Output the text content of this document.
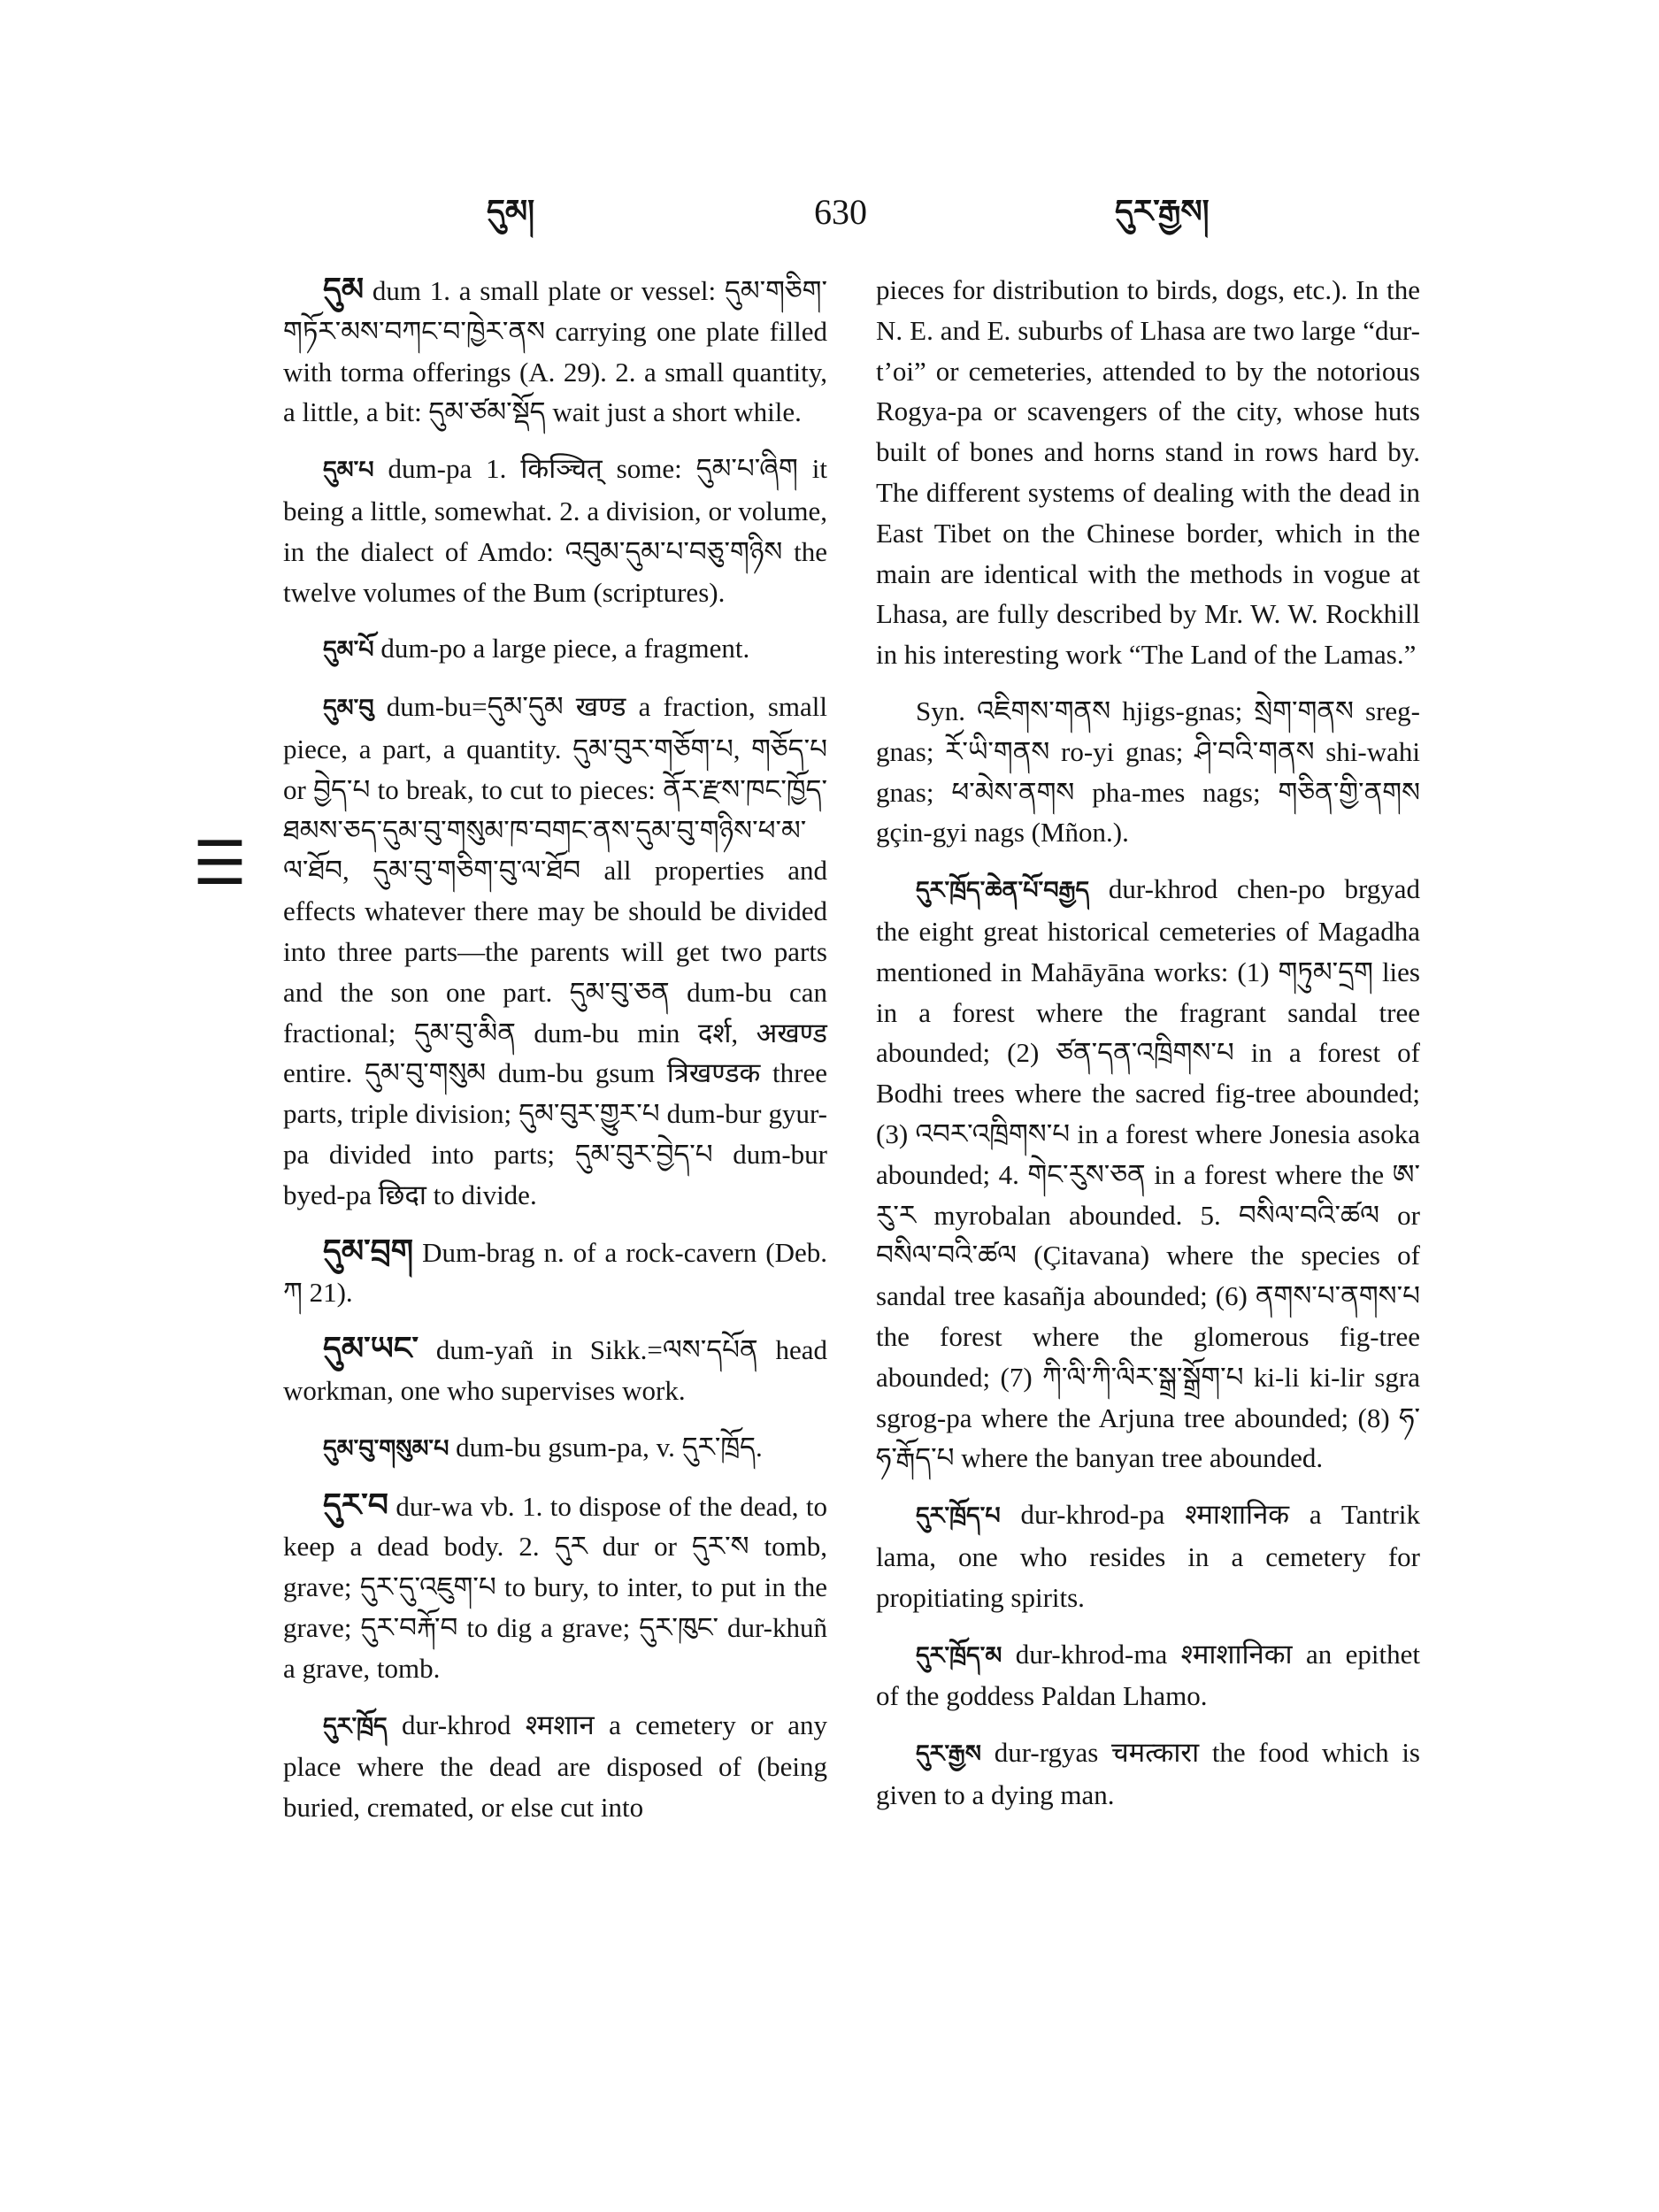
དུམ།	630	དུར་རྒྱས།
☰

དུམ dum 1. a small plate or vessel: དུམ་གཅིག་གཏོར་མས་བཀང་བ་ཁྱེར་ནས carrying one plate filled with torma offerings (A. 29). 2. a small quantity, a little, a bit: དུམ་ཙམ་སྡོད wait just a short while.

དུམ་པ dum-pa 1. किञ्चित् some: དུམ་པ་ཞིག it being a little, somewhat. 2. a division, or volume, in the dialect of Amdo: འབུམ་དུམ་པ་བཅུ་གཉིས the twelve volumes of the Bum (scriptures).

དུམ་པོ dum-po a large piece, a fragment.

དུམ་བུ dum-bu=དུམ་དུམ खण्ड a fraction, small piece, a part, a quantity. དུམ་བུར་གཅོག་པ, གཅོད་པ or བྱེད་པ to break, to cut to pieces: ནོར་རྫས་ཁང་ཁྱོད་ཐམས་ཅད་དུམ་བུ་གསུམ་ཁ་བགང་ནས་དུམ་བུ་གཉིས་ཕ་མ་ལ་ཐོབ, དུམ་བུ་གཅིག་བུ་ལ་ཐོབ all properties and effects whatever there may be should be divided into three parts—the parents will get two parts and the son one part. དུམ་བུ་ཅན dum-bu can fractional; དུམ་བུ་མིན dum-bu min दर्श, अखण्ड entire. དུམ་བུ་གསུམ dum-bu gsum त्रिखण्डक three parts, triple division; དུམ་བུར་གྱུར་པ dum-bur gyur-pa divided into parts; དུམ་བུར་བྱེད་པ dum-bur byed-pa छिदा to divide.

དུམ་བྲག Dum-brag n. of a rock-cavern (Deb. ཀ 21).

དུམ་ཡང་ dum-yañ in Sikk.=ལས་དཔོན head workman, one who supervises work.

དུམ་བུ་གསུམ་པ dum-bu gsum-pa, v. དུར་ཁྲོད.

དུར་བ dur-wa vb. 1. to dispose of the dead, to keep a dead body. 2. དུར dur or དུར་ས tomb, grave; དུར་དུ་འཇུག་པ to bury, to inter, to put in the grave; དུར་བརྐོ་བ to dig a grave; དུར་ཁུང་ dur-khuñ a grave, tomb.

དུར་ཁྲོད dur-khrod श्मशान a cemetery or any place where the dead are disposed of (being buried, cremated, or else cut into

pieces for distribution to birds, dogs, etc.). In the N. E. and E. suburbs of Lhasa are two large “dur-t’oi” or cemeteries, attended to by the notorious Rogya-pa or scavengers of the city, whose huts built of bones and horns stand in rows hard by. The different systems of dealing with the dead in East Tibet on the Chinese border, which in the main are identical with the methods in vogue at Lhasa, are fully described by Mr. W. W. Rockhill in his interesting work “The Land of the Lamas.”

Syn. འཇིགས་གནས hjigs-gnas; སྲེག་གནས sreg-gnas; རོ་ཡི་གནས ro-yi gnas; ཤི་བའི་གནས shi-wahi gnas; ཕ་མེས་ནགས pha-mes nags; གཅིན་གྱི་ནགས gçin-gyi nags (Mñon.).

དུར་ཁྲོད་ཆེན་པོ་བརྒྱད dur-khrod chen-po brgyad the eight great historical cemeteries of Magadha mentioned in Mahāyāna works: (1) གཏུམ་དྲག lies in a forest where the fragrant sandal tree abounded; (2) ཙན་དན་འཁྲིགས་པ in a forest of Bodhi trees where the sacred fig-tree abounded; (3) འབར་འཁྲིགས་པ in a forest where Jonesia asoka abounded; 4. གེང་རུས་ཅན in a forest where the ཨ་རུ་ར myrobalan abounded. 5. བསིལ་བའི་ཚལ or བསིལ་བའི་ཚལ (Çitavana) where the species of sandal tree kasañja abounded; (6) ནགས་པ་ནགས་པ the forest where the glomerous fig-tree abounded; (7) ཀི་ལི་ཀི་ལིར་སྒྲ་སྒྲོག་པ ki-li ki-lir sgra sgrog-pa where the Arjuna tree abounded; (8) ཧ་ཧ་རྒོད་པ where the banyan tree abounded.

དུར་ཁྲོད་པ dur-khrod-pa श्माशानिक a Tantrik lama, one who resides in a cemetery for propitiating spirits.

དུར་ཁྲོད་མ dur-khrod-ma श्माशानिका an epithet of the goddess Paldan Lhamo.

དུར་རྒྱས dur-rgyas चमत्कारा the food which is given to a dying man.
